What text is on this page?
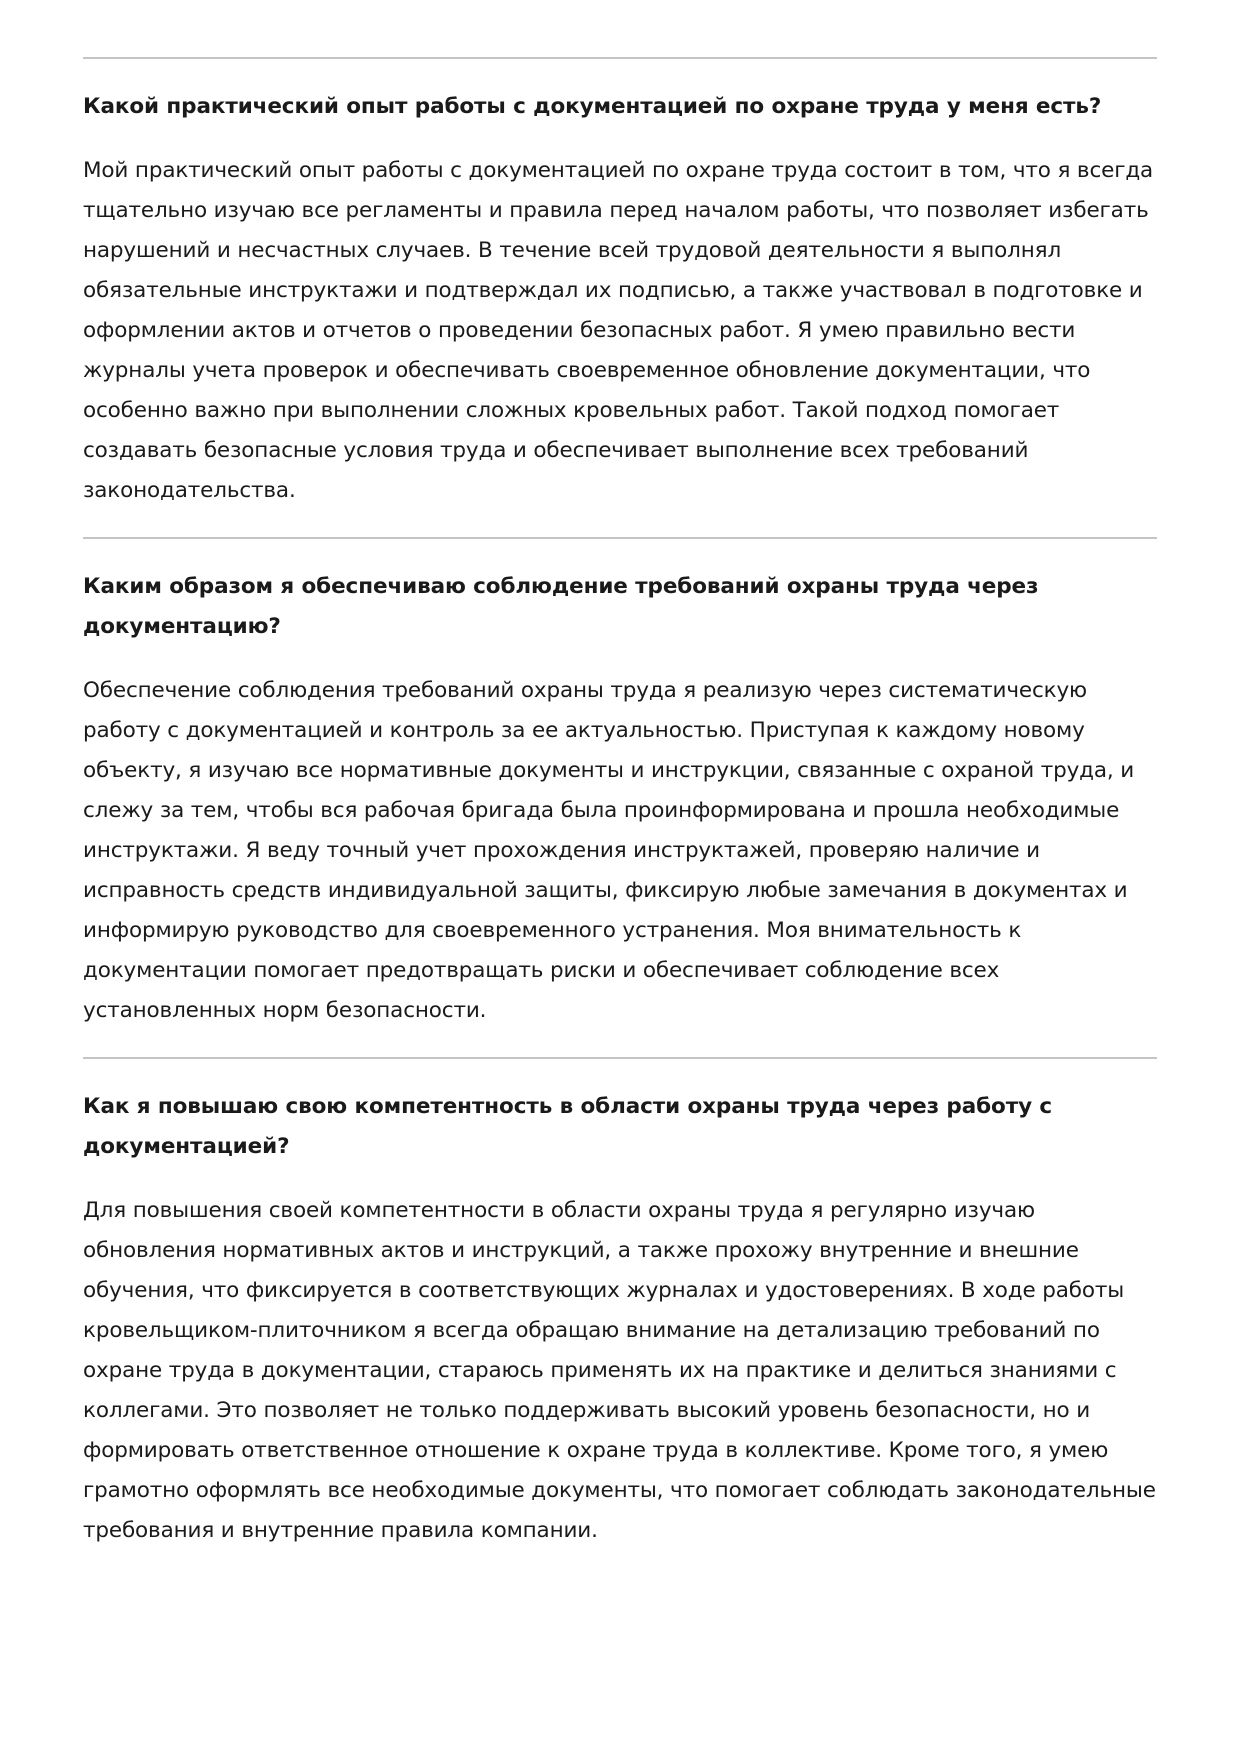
Какой практический опыт работы с документацией по охране труда у меня есть?

Мой практический опыт работы с документацией по охране труда состоит в том, что я всегда тщательно изучаю все регламенты и правила перед началом работы, что позволяет избегать нарушений и несчастных случаев. В течение всей трудовой деятельности я выполнял обязательные инструктажи и подтверждал их подписью, а также участвовал в подготовке и оформлении актов и отчетов о проведении безопасных работ. Я умею правильно вести журналы учета проверок и обеспечивать своевременное обновление документации, что особенно важно при выполнении сложных кровельных работ. Такой подход помогает создавать безопасные условия труда и обеспечивает выполнение всех требований законодательства.

Каким образом я обеспечиваю соблюдение требований охраны труда через документацию?

Обеспечение соблюдения требований охраны труда я реализую через систематическую работу с документацией и контроль за ее актуальностью. Приступая к каждому новому объекту, я изучаю все нормативные документы и инструкции, связанные с охраной труда, и слежу за тем, чтобы вся рабочая бригада была проинформирована и прошла необходимые инструктажи. Я веду точный учет прохождения инструктажей, проверяю наличие и исправность средств индивидуальной защиты, фиксирую любые замечания в документах и информирую руководство для своевременного устранения. Моя внимательность к документации помогает предотвращать риски и обеспечивает соблюдение всех установленных норм безопасности.

Как я повышаю свою компетентность в области охраны труда через работу с документацией?

Для повышения своей компетентности в области охраны труда я регулярно изучаю обновления нормативных актов и инструкций, а также прохожу внутренние и внешние обучения, что фиксируется в соответствующих журналах и удостоверениях. В ходе работы кровельщиком-плиточником я всегда обращаю внимание на детализацию требований по охране труда в документации, стараюсь применять их на практике и делиться знаниями с коллегами. Это позволяет не только поддерживать высокий уровень безопасности, но и формировать ответственное отношение к охране труда в коллективе. Кроме того, я умею грамотно оформлять все необходимые документы, что помогает соблюдать законодательные требования и внутренние правила компании.
